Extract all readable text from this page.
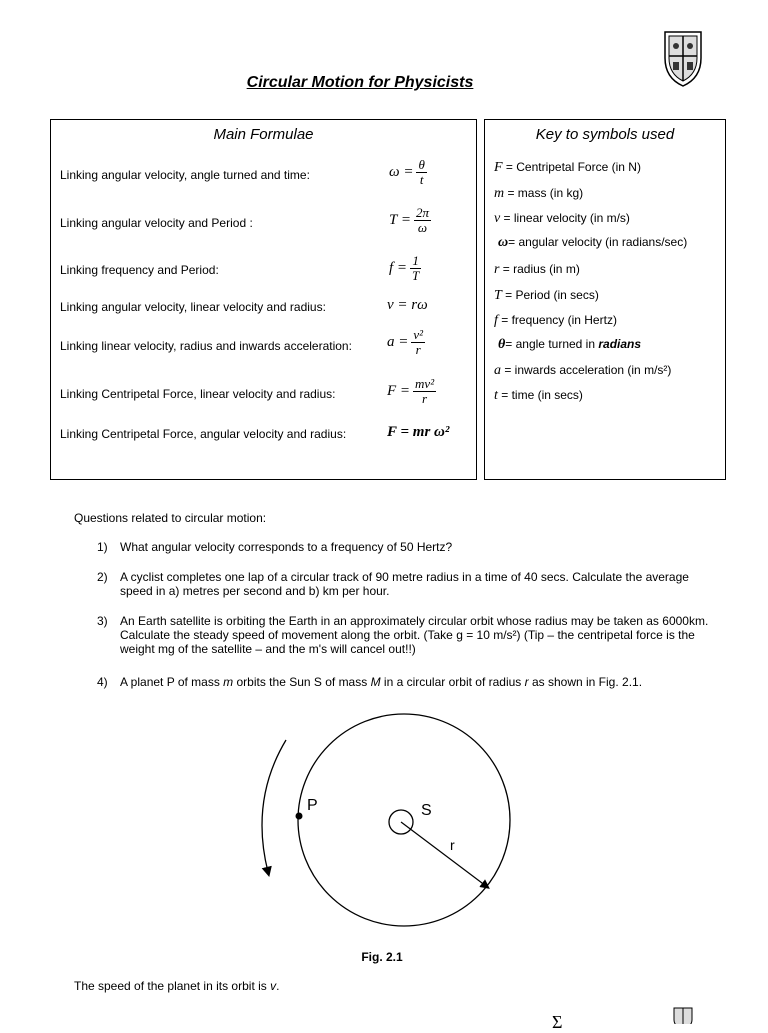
Circular Motion for Physicists
Main Formulae
Linking angular velocity, angle turned and time:	$\omega = \frac{\theta}{t}$
Linking angular velocity and Period :	$T = \frac{2\pi}{\omega}$
Linking frequency and Period:	$f = \frac{1}{T}$
Linking angular velocity, linear velocity and radius:	v = rω
Linking linear velocity, radius and inwards acceleration: $a = \frac{\text{v²}}{r}$
Linking Centripetal Force, linear velocity and radius:	$F = \frac{\text{mv²}}{r}$
Linking Centripetal Force, angular velocity and radius:	F = mr ω²
Key to symbols used
F = Centripetal Force (in N)
m = mass (in kg)
v = linear velocity (in m/s)
ω= angular velocity (in radians/sec)
r = radius (in m)
T = Period (in secs)
f = frequency (in Hertz)
θ= angle turned in radians
a = inwards acceleration (in m/s²)
t = time (in secs)
Questions related to circular motion:
1) What angular velocity corresponds to a frequency of 50 Hertz?
2) A cyclist completes one lap of a circular track of 90 metre radius in a time of 40 secs. Calculate the average speed in a) metres per second and b) km per hour.
3) An Earth satellite is orbiting the Earth in an approximately circular orbit whose radius may be taken as 6000km. Calculate the steady speed of movement along the orbit. (Take g = 10 m/s²) (Tip – the centripetal force is the weight mg of the satellite – and the m's will cancel out!!)
4) A planet P of mass m orbits the Sun S of mass M in a circular orbit of radius r as shown in Fig. 2.1.
P	S
r
Fig. 2.1
The speed of the planet in its orbit is v.
Σ
